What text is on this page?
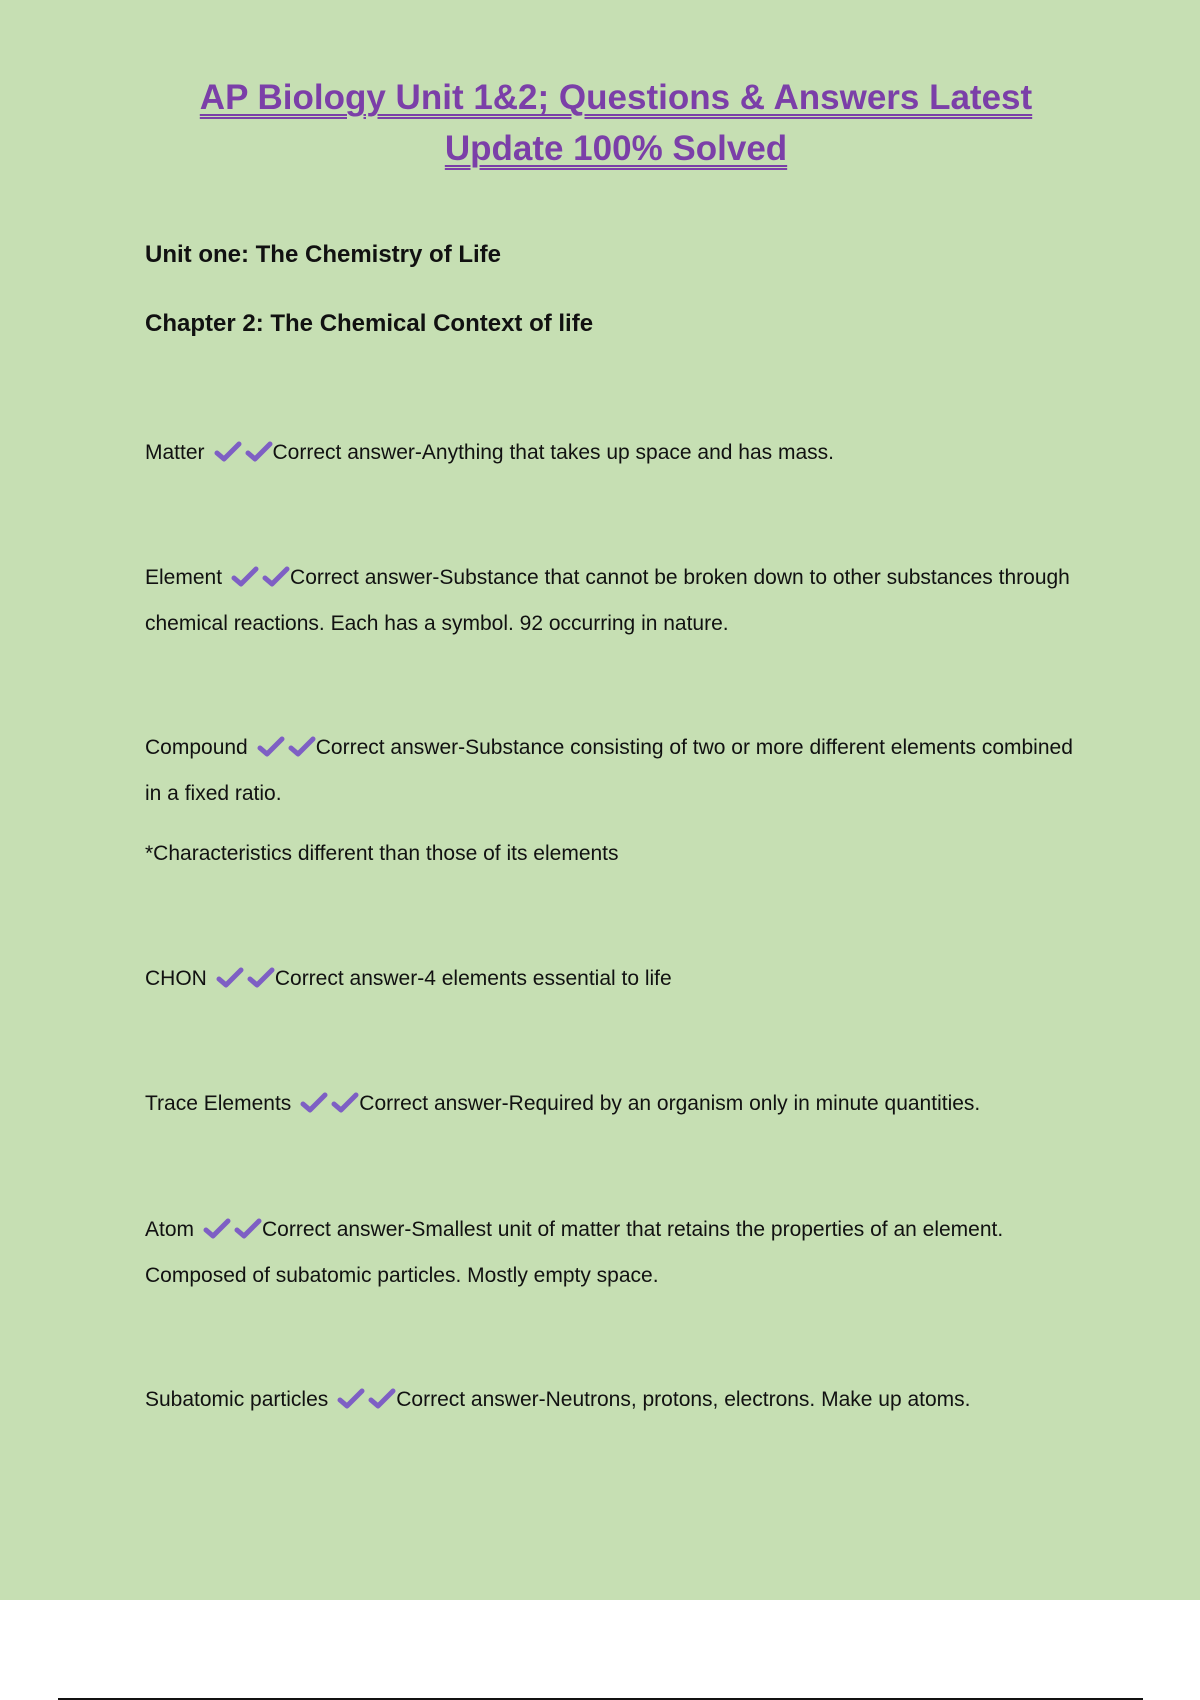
AP Biology Unit 1&2; Questions & Answers Latest
Update 100% Solved

Unit one: The Chemistry of Life

Chapter 2: The Chemical Context of life

Matter	Correct answer-Anything that takes up space and has mass.

Element	Correct answer-Substance that cannot be broken down to other substances through chemical reactions. Each has a symbol. 92 occurring in nature.

Compound	Correct answer-Substance consisting of two or more different elements combined in a fixed ratio.

*Characteristics different than those of its elements

CHON	Correct answer-4 elements essential to life

Trace Elements	Correct answer-Required by an organism only in minute quantities.

Atom	Correct answer-Smallest unit of matter that retains the properties of an element. Composed of subatomic particles. Mostly empty space.

Subatomic particles	Correct answer-Neutrons, protons, electrons. Make up atoms.
